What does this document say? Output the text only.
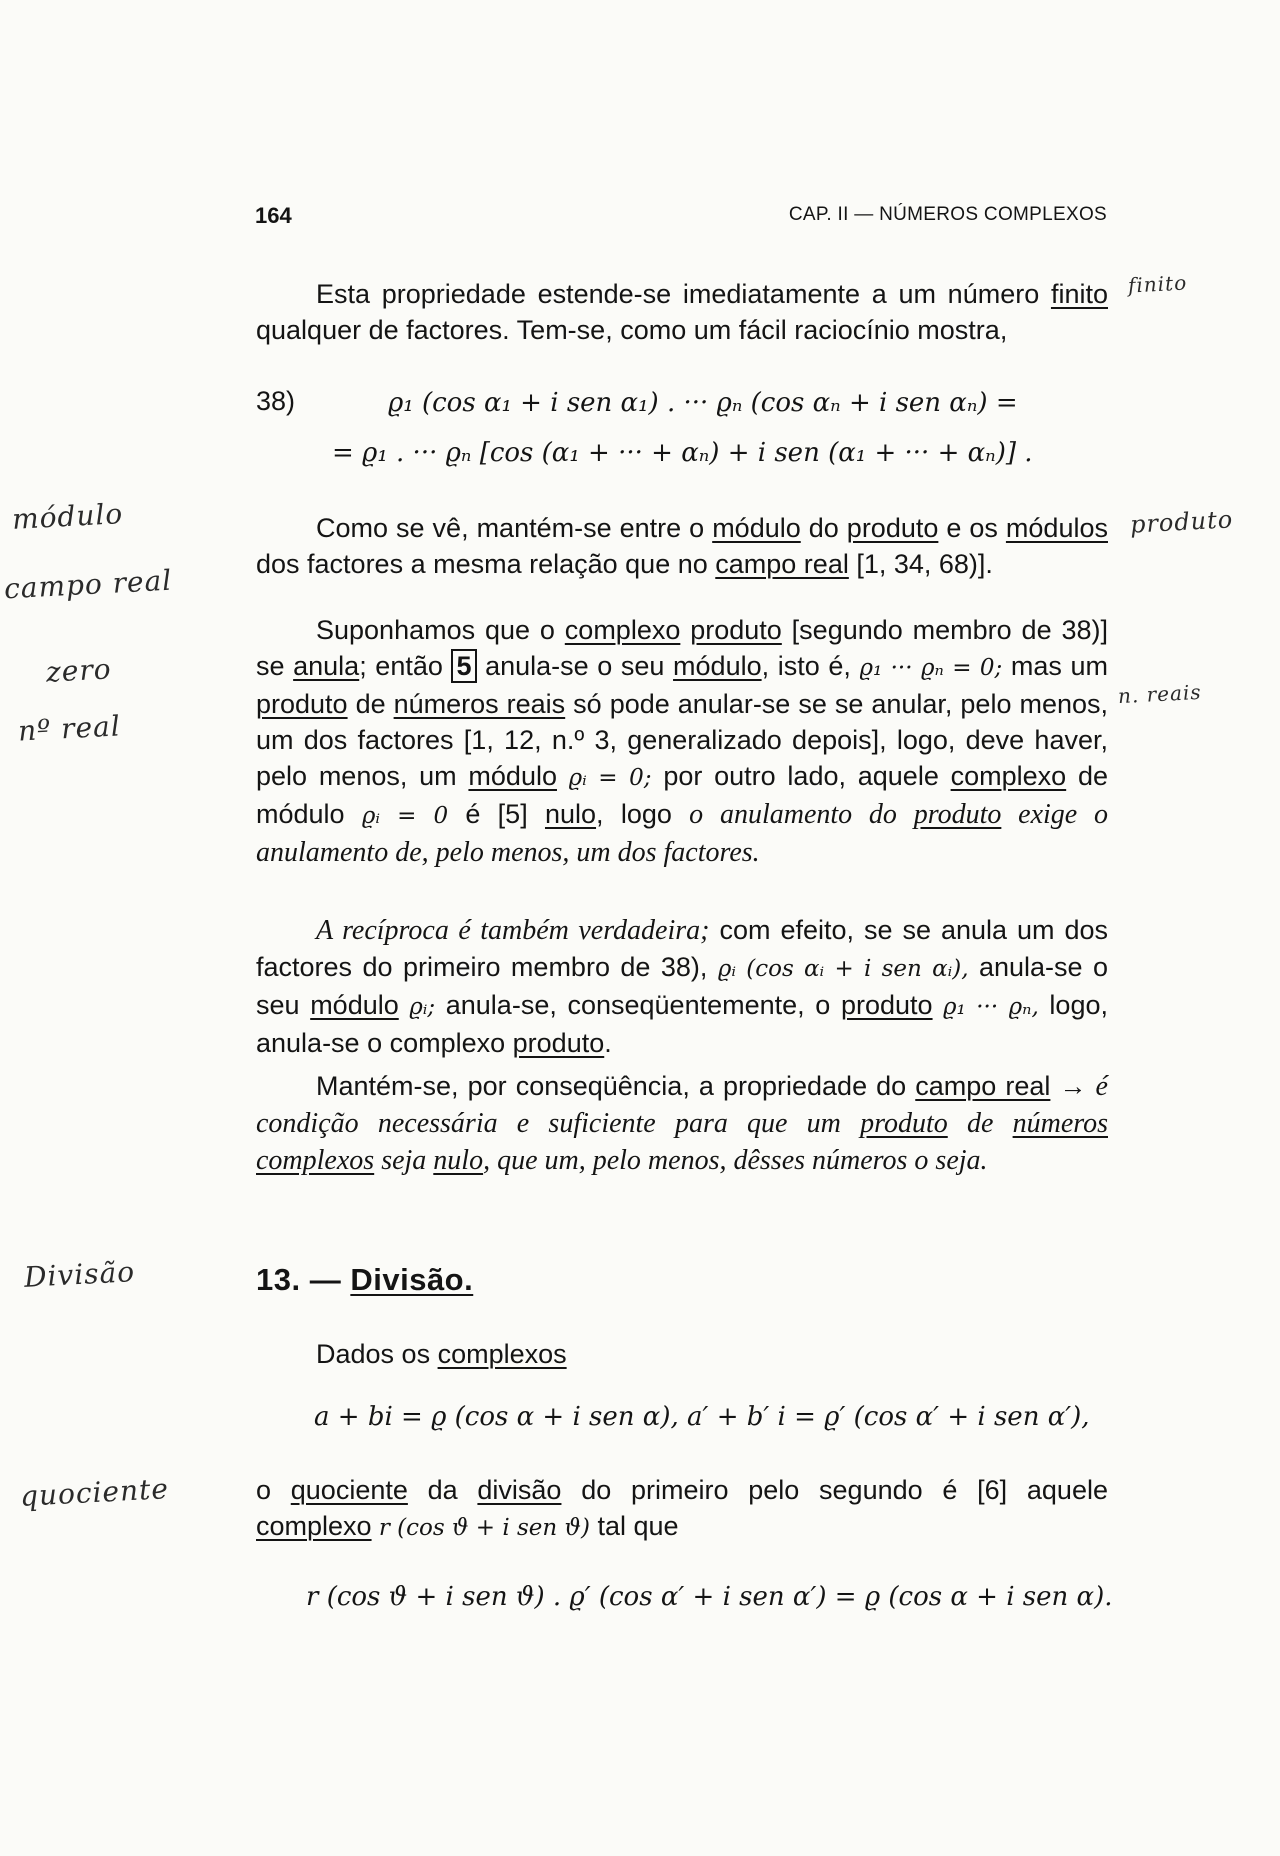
164	CAP. II — NÚMEROS COMPLEXOS
Esta propriedade estende-se imediatamente a um número finito qualquer de factores. Tem-se, como um fácil raciocínio mostra,
38)	ϱ₁ (cos α₁ + i sen α₁) . ··· ϱₙ (cos αₙ + i sen αₙ) =
= ϱ₁ . ··· ϱₙ [cos (α₁ + ··· + αₙ) + i sen (α₁ + ··· + αₙ)] .
Como se vê, mantém-se entre o módulo do produto e os módulos dos factores a mesma relação que no campo real [1, 34, 68)].
Suponhamos que o complexo produto [segundo membro de 38)] se anula; então 5 anula-se o seu módulo, isto é, ϱ₁ ··· ϱₙ = 0; mas um produto de números reais só pode anular-se se se anular, pelo menos, um dos factores [1, 12, n.º 3, generalizado depois], logo, deve haver, pelo menos, um módulo ϱᵢ = 0; por outro lado, aquele complexo de módulo ϱᵢ = 0 é [5] nulo, logo o anulamento do produto exige o anulamento de, pelo menos, um dos factores.
A recíproca é também verdadeira; com efeito, se se anula um dos factores do primeiro membro de 38), ϱᵢ (cos αᵢ + i sen αᵢ), anula-se o seu módulo ϱᵢ; anula-se, conseqüentemente, o produto ϱ₁ ··· ϱₙ, logo, anula-se o complexo produto.
Mantém-se, por conseqüência, a propriedade do campo real → é condição necessária e suficiente para que um produto de números complexos seja nulo, que um, pelo menos, dêsses números o seja.
13. — Divisão.
Dados os complexos
a + bi = ϱ (cos α + i sen α), a′ + b′ i = ϱ′ (cos α′ + i sen α′),
o quociente da divisão do primeiro pelo segundo é [6] aquele complexo r (cos ϑ + i sen ϑ) tal que
r (cos ϑ + i sen ϑ) . ϱ′ (cos α′ + i sen α′) = ϱ (cos α + i sen α).
finito
módulo	produto
campo real
zero
nº real
n. reais
Divisão
quociente
